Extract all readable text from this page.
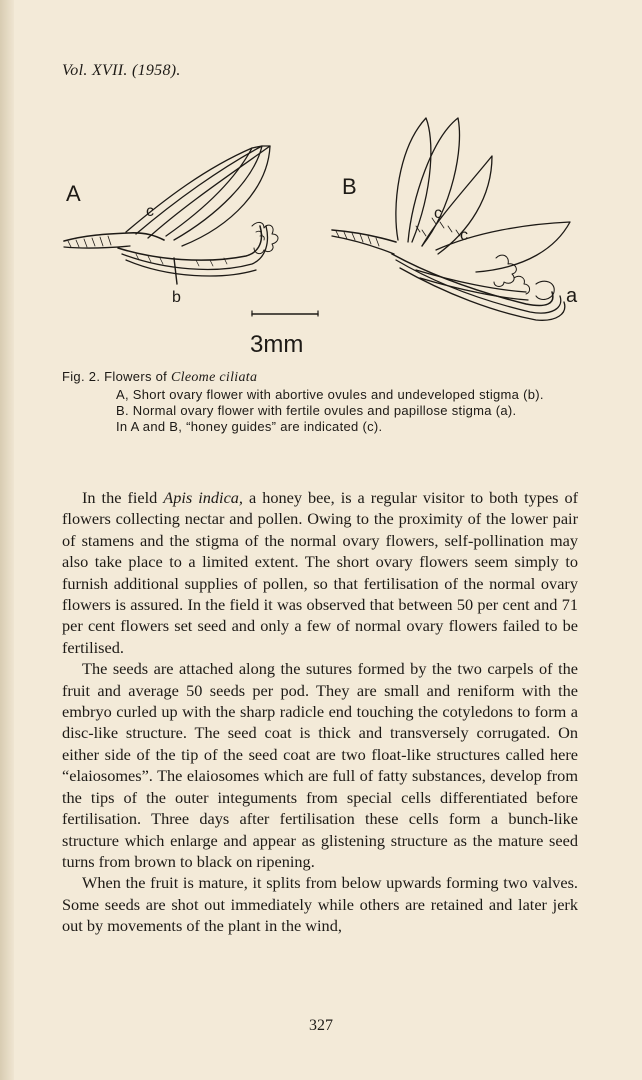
Vol. XVII. (1958).
A
c
b
B
c
c
a
3mm
Fig. 2. Flowers of Cleome ciliata
A, Short ovary flower with abortive ovules and undeveloped stigma (b).
B. Normal ovary flower with fertile ovules and papillose stigma (a).
In A and B, “honey guides” are indicated (c).

In the field Apis indica, a honey bee, is a regular visitor to both types of flowers collecting nectar and pollen. Owing to the proximity of the lower pair of stamens and the stigma of the normal ovary flowers, self-pollination may also take place to a limited extent. The short ovary flowers seem simply to furnish additional supplies of pollen, so that fertilisation of the normal ovary flowers is assured. In the field it was observed that between 50 per cent and 71 per cent flowers set seed and only a few of normal ovary flowers failed to be fertilised.

The seeds are attached along the sutures formed by the two carpels of the fruit and average 50 seeds per pod. They are small and reniform with the embryo curled up with the sharp radicle end touching the cotyledons to form a disc-like structure. The seed coat is thick and transversely corrugated. On either side of the tip of the seed coat are two float-like structures called here “elaiosomes”. The elaiosomes which are full of fatty substances, develop from the tips of the outer integuments from special cells differentiated before fertilisation. Three days after fertilisation these cells form a bunch-like structure which enlarge and appear as glistening structure as the mature seed turns from brown to black on ripening.

When the fruit is mature, it splits from below upwards forming two valves. Some seeds are shot out immediately while others are retained and later jerk out by movements of the plant in the wind,

327
